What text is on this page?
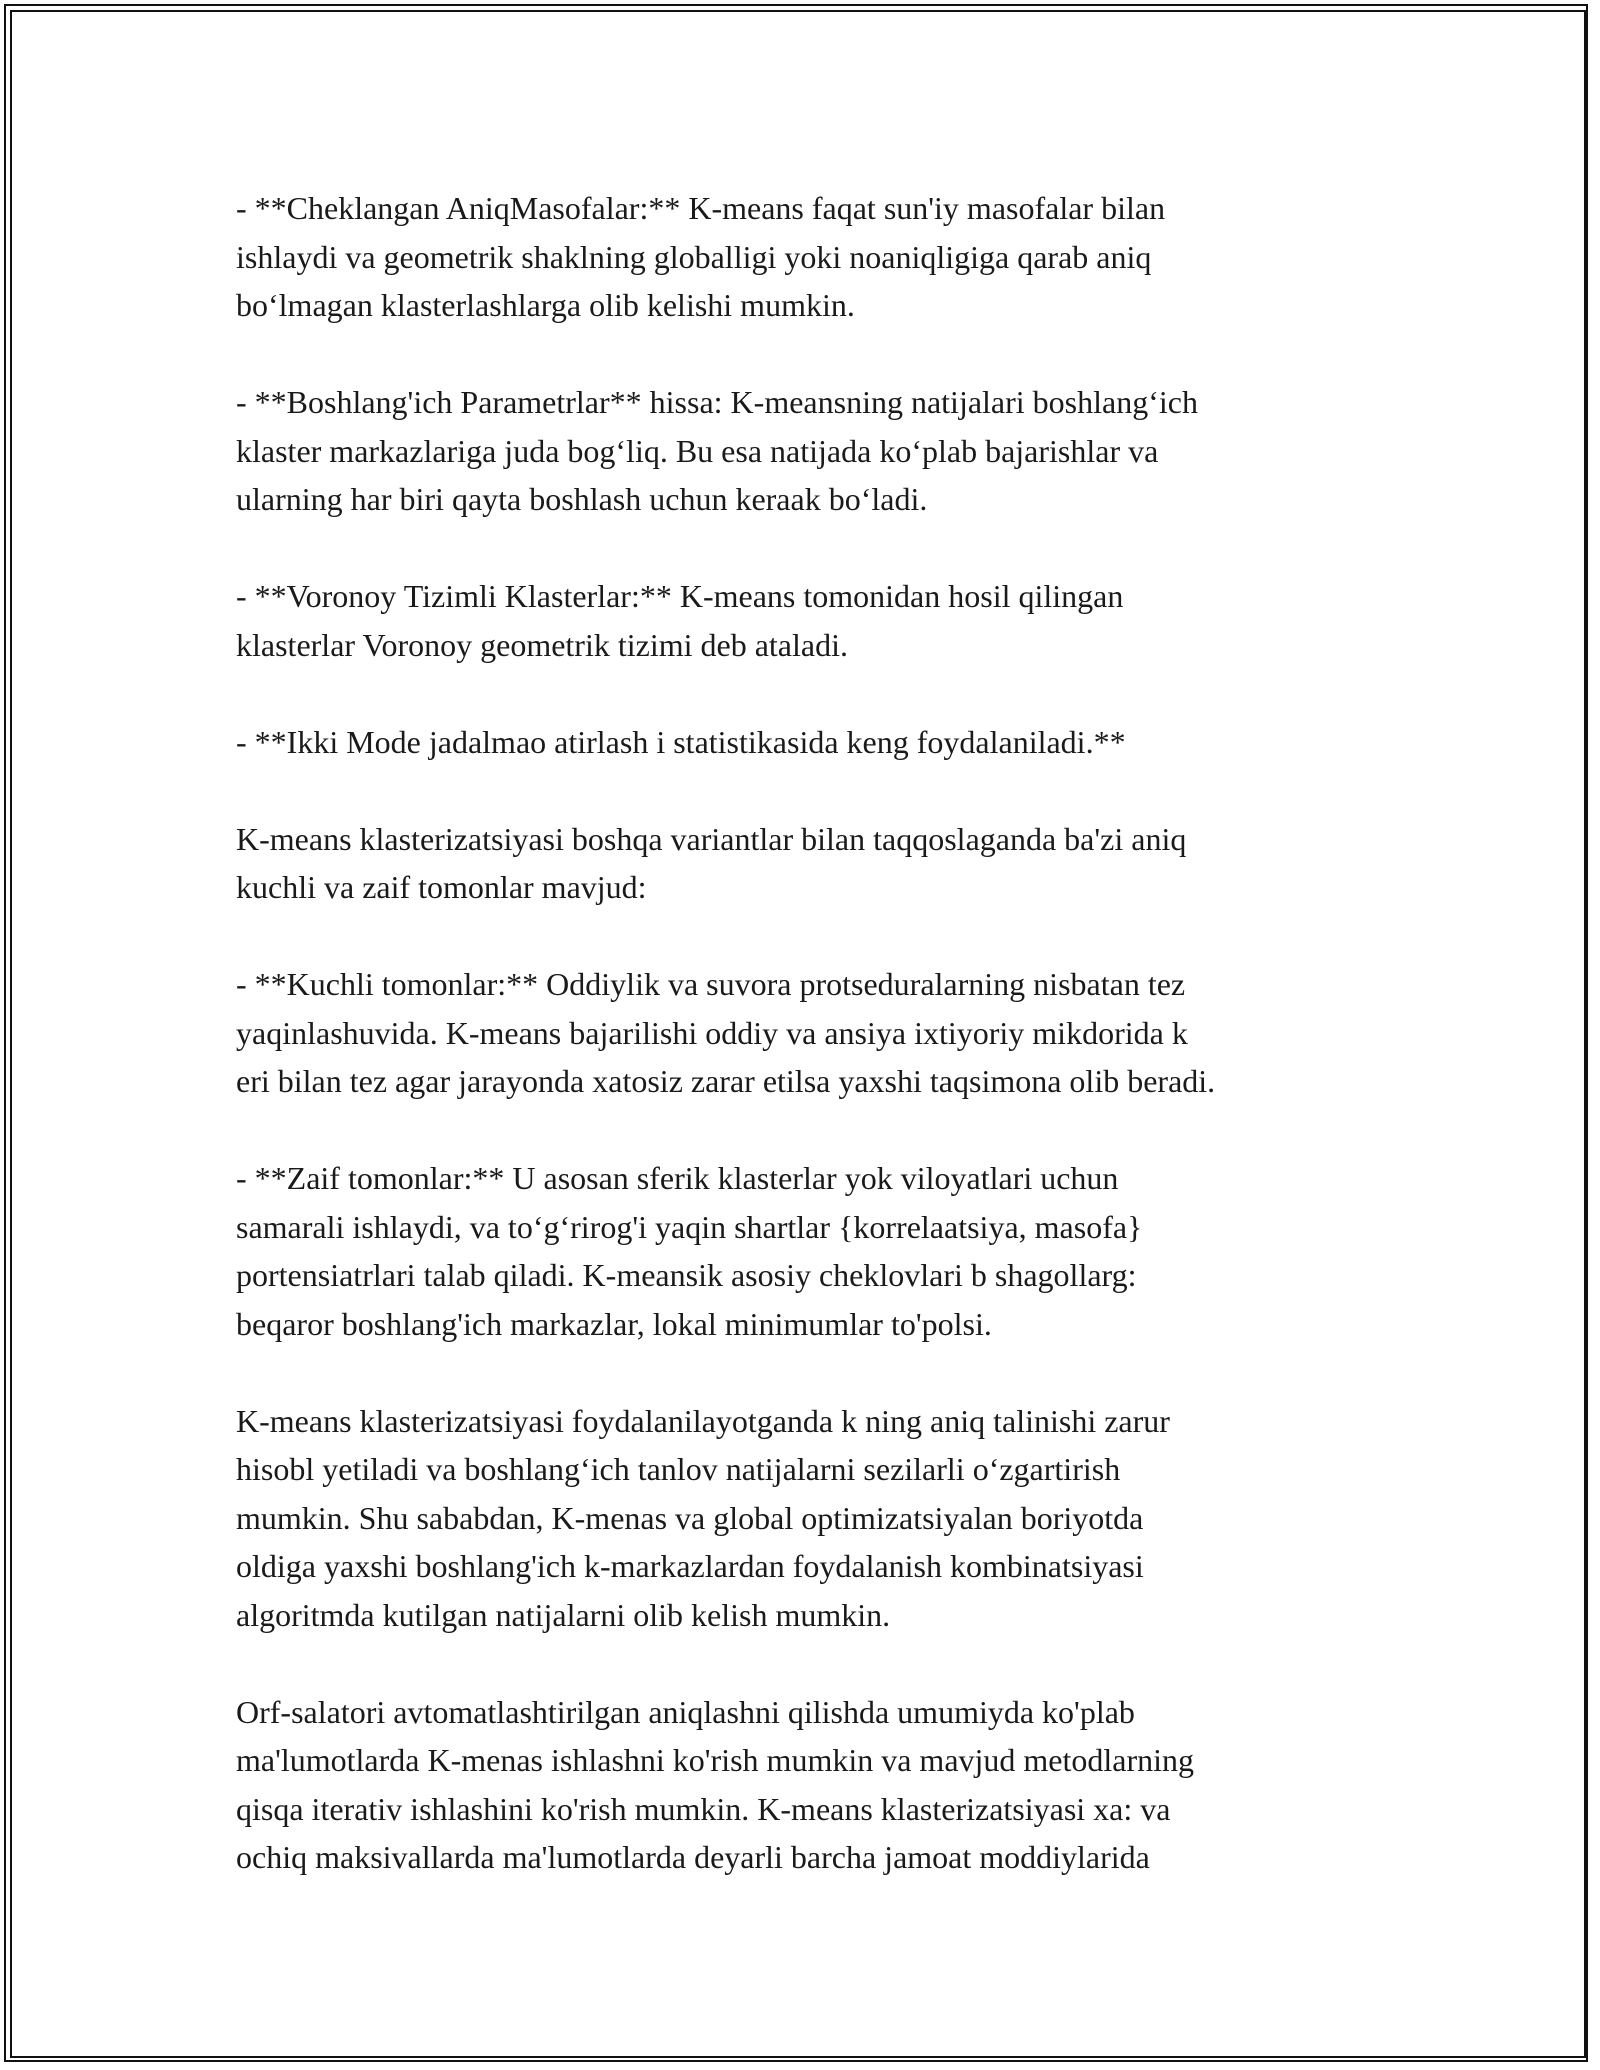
- **Cheklangan AniqMasofalar:** K-means faqat sun'iy masofalar bilan
ishlaydi va geometrik shaklning globalligi yoki noaniqligiga qarab aniq
bo‘lmagan klasterlashlarga olib kelishi mumkin.

- **Boshlang'ich Parametrlar** hissa: K-meansning natijalari boshlang‘ich
klaster markazlariga juda bog‘liq. Bu esa natijada ko‘plab bajarishlar va
ularning har biri qayta boshlash uchun keraak bo‘ladi.

- **Voronoy Tizimli Klasterlar:** K-means tomonidan hosil qilingan
klasterlar Voronoy geometrik tizimi deb ataladi.

- **Ikki Mode jadalmao atirlash i statistikasida keng foydalaniladi.**

K-means klasterizatsiyasi boshqa variantlar bilan taqqoslaganda ba'zi aniq
kuchli va zaif tomonlar mavjud:

- **Kuchli tomonlar:** Oddiylik va suvora protseduralarning nisbatan tez
yaqinlashuvida. K-means bajarilishi oddiy va ansiya ixtiyoriy mikdorida k
eri bilan tez agar jarayonda xatosiz zarar etilsa yaxshi taqsimona olib beradi.

- **Zaif tomonlar:** U asosan sferik klasterlar yok viloyatlari uchun
samarali ishlaydi, va to‘g‘rirog'i yaqin shartlar {korrelaatsiya, masofa}
portensiatrlari talab qiladi. K-meansik asosiy cheklovlari b shagollarg:
beqaror boshlang'ich markazlar, lokal minimumlar to'polsi.

K-means klasterizatsiyasi foydalanilayotganda k ning aniq talinishi zarur
hisobl yetiladi va boshlang‘ich tanlov natijalarni sezilarli o‘zgartirish
mumkin. Shu sababdan, K-menas va global optimizatsiyalan boriyotda
oldiga yaxshi boshlang'ich k-markazlardan foydalanish kombinatsiyasi
algoritmda kutilgan natijalarni olib kelish mumkin.

Orf-salatori avtomatlashtirilgan aniqlashni qilishda umumiyda ko'plab
ma'lumotlarda K-menas ishlashni ko'rish mumkin va mavjud metodlarning
qisqa iterativ ishlashini ko'rish mumkin. K-means klasterizatsiyasi xa: va
ochiq maksivallarda ma'lumotlarda deyarli barcha jamoat moddiylarida
